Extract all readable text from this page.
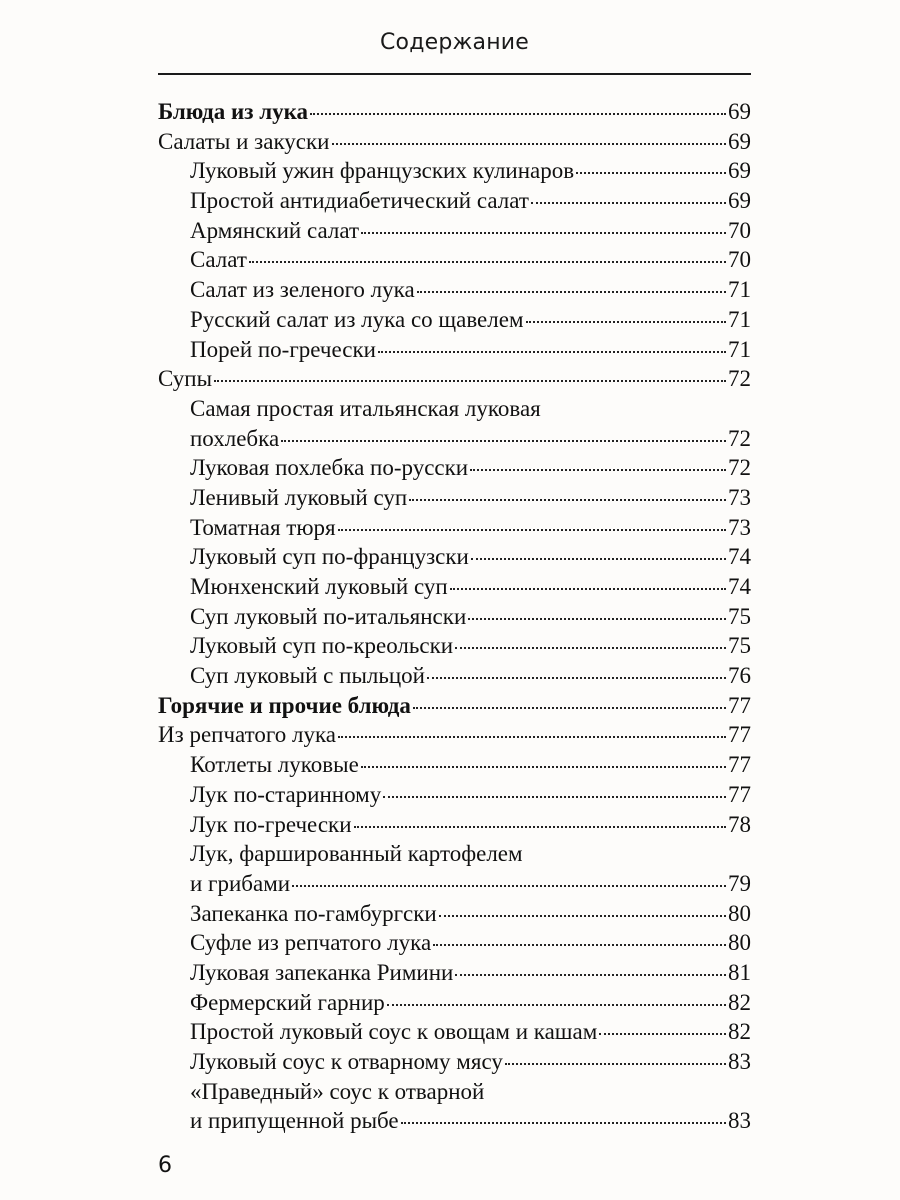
Содержание
Блюда из лука	69
Салаты и закуски	69
Луковый ужин французских кулинаров	69
Простой антидиабетический салат	69
Армянский салат	70
Салат	70
Салат из зеленого лука	71
Русский салат из лука со щавелем	71
Порей по-гречески	71
Супы	72
Самая простая итальянская луковая
похлебка	72
Луковая похлебка по-русски	72
Ленивый луковый суп	73
Томатная тюря	73
Луковый суп по-французски	74
Мюнхенский луковый суп	74
Суп луковый по-итальянски	75
Луковый суп по-креольски	75
Суп луковый с пыльцой	76
Горячие и прочие блюда	77
Из репчатого лука	77
Котлеты луковые	77
Лук по-старинному	77
Лук по-гречески	78
Лук, фаршированный картофелем
и грибами	79
Запеканка по-гамбургски	80
Суфле из репчатого лука	80
Луковая запеканка Римини	81
Фермерский гарнир	82
Простой луковый соус к овощам и кашам	82
Луковый соус к отварному мясу	83
«Праведный» соус к отварной
и припущенной рыбе	83
6
